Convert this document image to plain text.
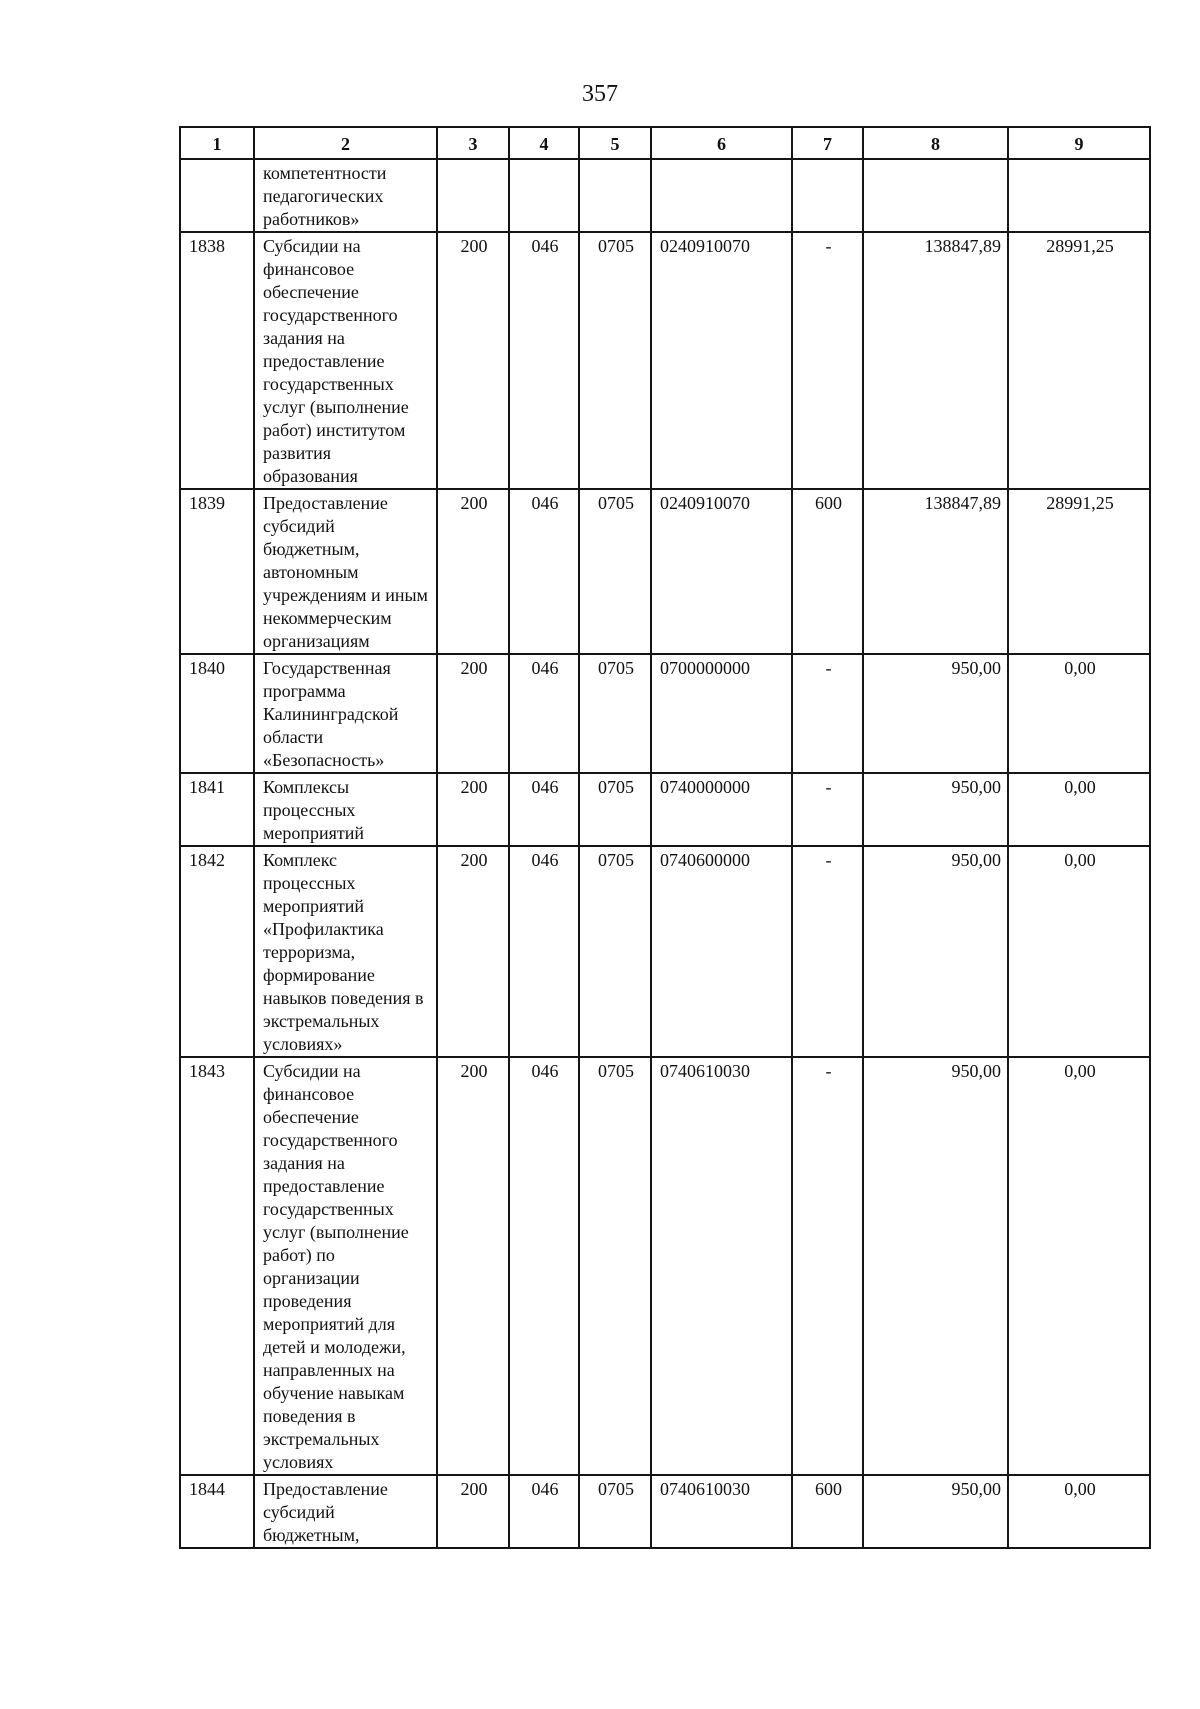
357
1	2	3	4	5	6	7	8	9

	компетентности педагогических работников»							

1838	Субсидии на финансовое обеспечение государственного задания на предоставление государственных услуг (выполнение работ) институтом развития образования	200	046	0705	0240910070	-	138847,89	28991,25
1839	Предоставление субсидий бюджетным, автономным учреждениям и иным некоммерческим организациям	200	046	0705	0240910070	600	138847,89	28991,25
1840	Государственная программа Калининградской области «Безопасность»	200	046	0705	0700000000	-	950,00	0,00
1841	Комплексы процессных мероприятий	200	046	0705	0740000000	-	950,00	0,00
1842	Комплекс процессных мероприятий «Профилактика терроризма, формирование навыков поведения в экстремальных условиях»	200	046	0705	0740600000	-	950,00	0,00
1843	Субсидии на финансовое обеспечение государственного задания на предоставление государственных услуг (выполнение работ) по организации проведения мероприятий для детей и молодежи, направленных на обучение навыкам поведения в экстремальных условиях	200	046	0705	0740610030	-	950,00	0,00
1844	Предоставление субсидий бюджетным,	200	046	0705	0740610030	600	950,00	0,00
